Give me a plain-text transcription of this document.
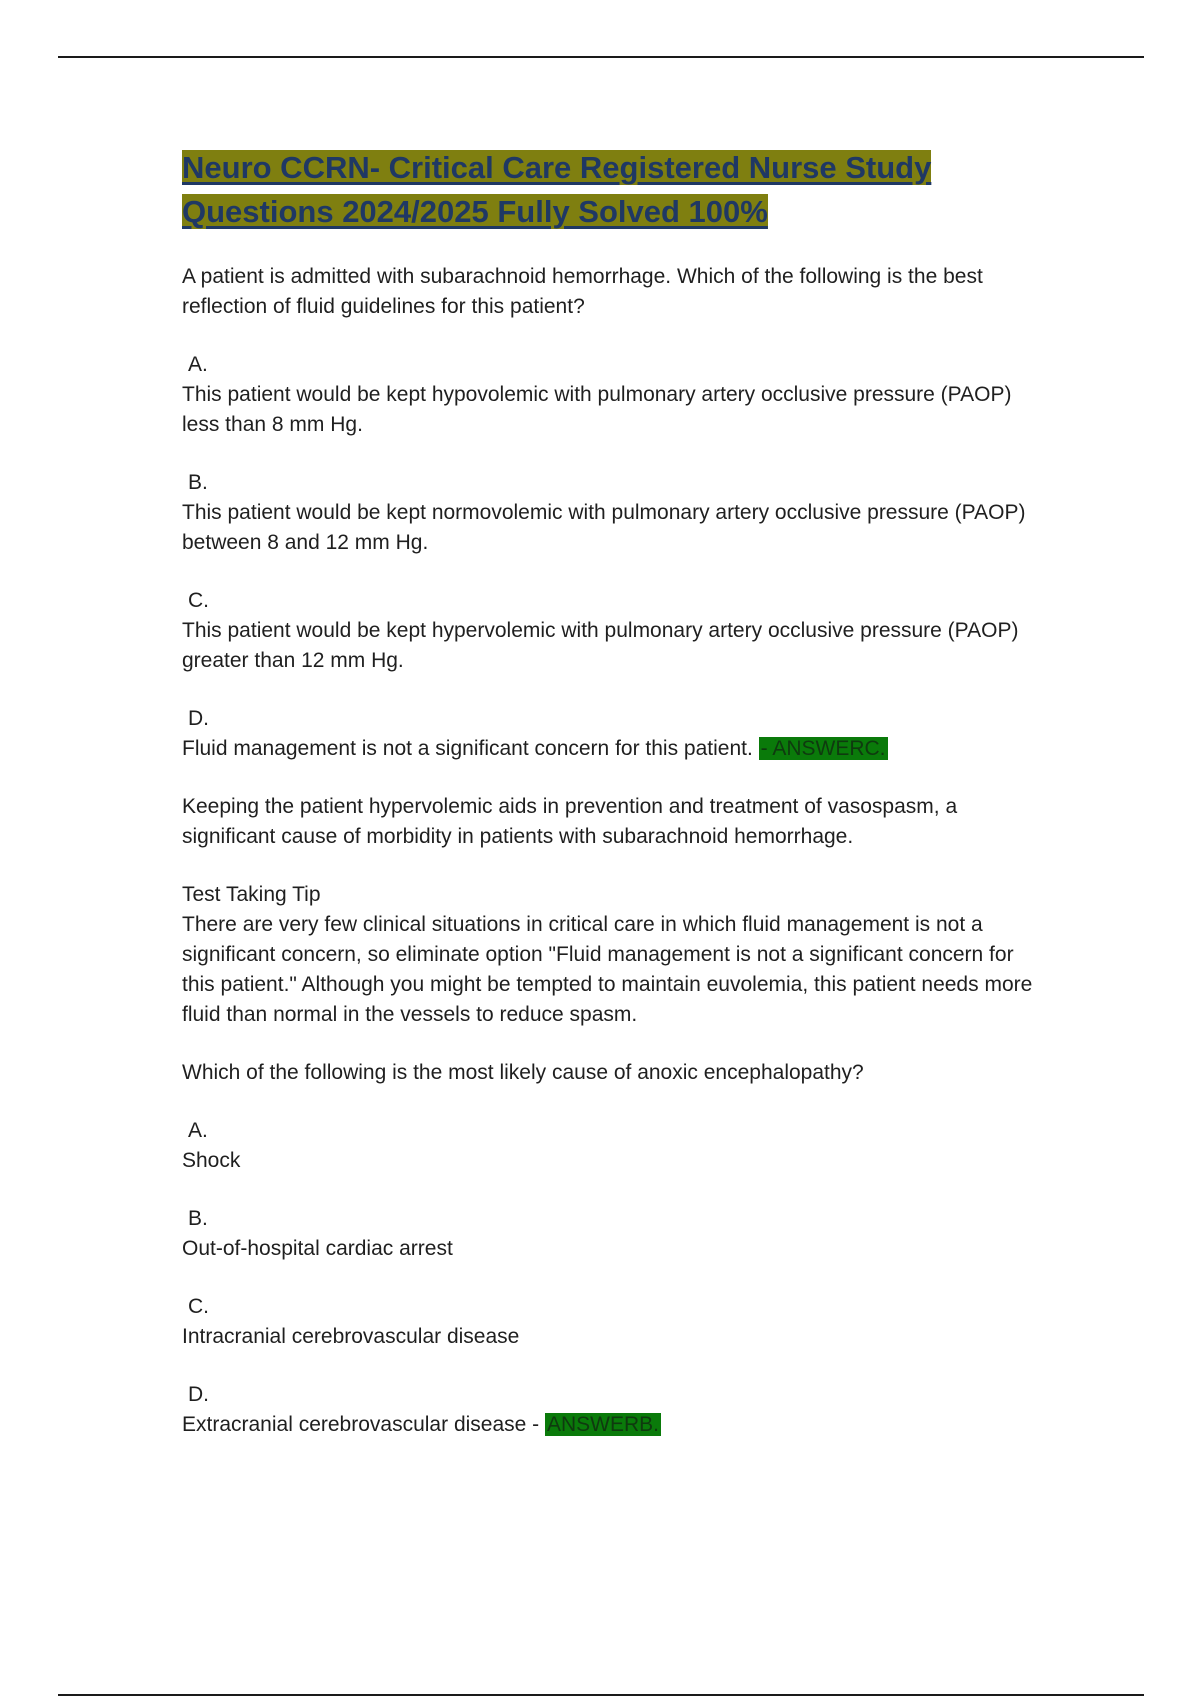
Neuro CCRN- Critical Care Registered Nurse Study
Questions 2024/2025 Fully Solved 100%

A patient is admitted with subarachnoid hemorrhage. Which of the following is the best reflection of fluid guidelines for this patient?

A.

This patient would be kept hypovolemic with pulmonary artery occlusive pressure (PAOP) less than 8 mm Hg.

B.

This patient would be kept normovolemic with pulmonary artery occlusive pressure (PAOP) between 8 and 12 mm Hg.

C.

This patient would be kept hypervolemic with pulmonary artery occlusive pressure (PAOP) greater than 12 mm Hg.

D.

Fluid management is not a significant concern for this patient. - ANSWERC.

Keeping the patient hypervolemic aids in prevention and treatment of vasospasm, a significant cause of morbidity in patients with subarachnoid hemorrhage.

Test Taking Tip

There are very few clinical situations in critical care in which fluid management is not a significant concern, so eliminate option "Fluid management is not a significant concern for this patient." Although you might be tempted to maintain euvolemia, this patient needs more fluid than normal in the vessels to reduce spasm.

Which of the following is the most likely cause of anoxic encephalopathy?

A.

Shock

B.

Out-of-hospital cardiac arrest

C.

Intracranial cerebrovascular disease

D.

Extracranial cerebrovascular disease - ANSWERB.
